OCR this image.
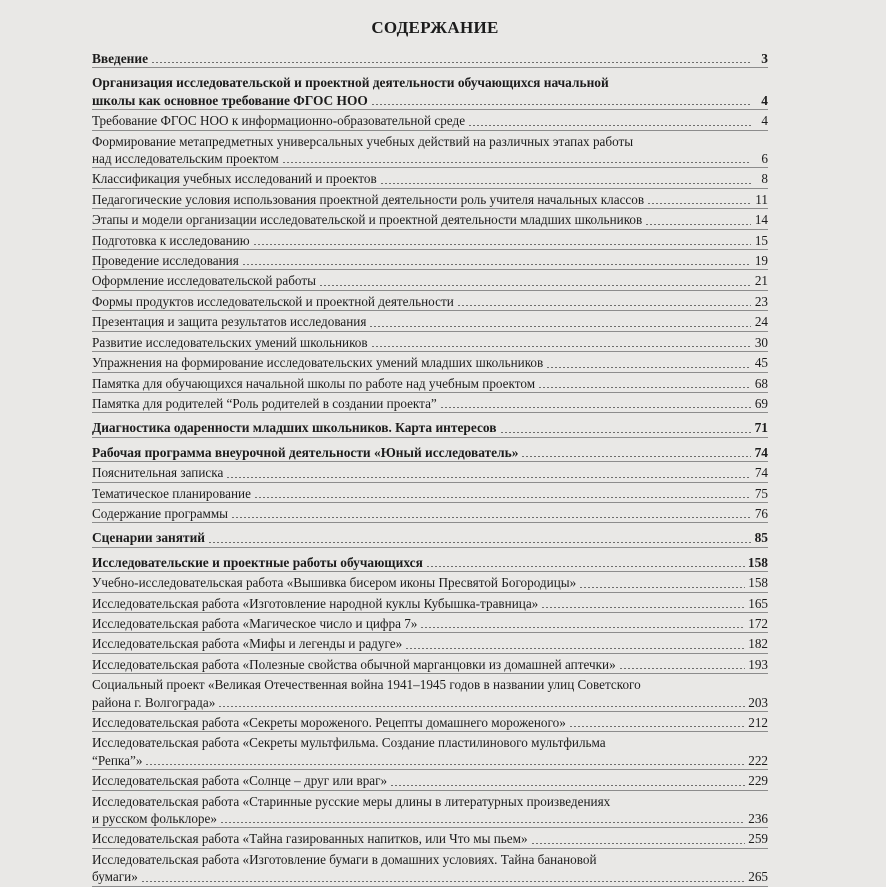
СОДЕРЖАНИЕ
Введение	3
Организация исследовательской и проектной деятельности обучающихся начальной
школы как основное требование ФГОС НОО	4
Требование ФГОС НОО к информационно-образовательной среде	4
Формирование метапредметных универсальных учебных действий на различных этапах работы
над исследовательским проектом	6
Классификация учебных исследований и проектов	8
Педагогические условия использования проектной деятельности роль учителя начальных классов	11
Этапы и модели организации исследовательской и проектной деятельности младших школьников	14
Подготовка к исследованию	15
Проведение исследования	19
Оформление исследовательской работы	21
Формы продуктов исследовательской и проектной деятельности	23
Презентация и защита результатов исследования	24
Развитие исследовательских умений школьников	30
Упражнения на формирование исследовательских умений младших школьников	45
Памятка для обучающихся начальной школы по работе над учебным проектом	68
Памятка для родителей “Роль родителей в создании проекта”	69
Диагностика одаренности младших школьников. Карта интересов	71
Рабочая программа внеурочной деятельности «Юный исследователь»	74
Пояснительная записка	74
Тематическое планирование	75
Содержание программы	76
Сценарии занятий	85
Исследовательские и проектные работы обучающихся	158
Учебно-исследовательская работа «Вышивка бисером иконы Пресвятой Богородицы»	158
Исследовательская работа «Изготовление народной куклы Кубышка-травница»	165
Исследовательская работа «Магическое число и цифра 7»	172
Исследовательская работа «Мифы и легенды и радуге»	182
Исследовательская работа «Полезные свойства обычной марганцовки из домашней аптечки»	193
Социальный проект «Великая Отечественная война 1941–1945 годов в названии улиц Советского
района г. Волгограда»	203
Исследовательская работа «Секреты мороженого. Рецепты домашнего мороженого»	212
Исследовательская работа «Секреты мультфильма. Создание пластилинового мультфильма
“Репка”»	222
Исследовательская работа «Солнце – друг или враг»	229
Исследовательская работа «Старинные русские меры длины в литературных произведениях
и русском фольклоре»	236
Исследовательская работа «Тайна газированных напитков, или Что мы пьем»	259
Исследовательская работа «Изготовление бумаги в домашних условиях. Тайна банановой
бумаги»	265
